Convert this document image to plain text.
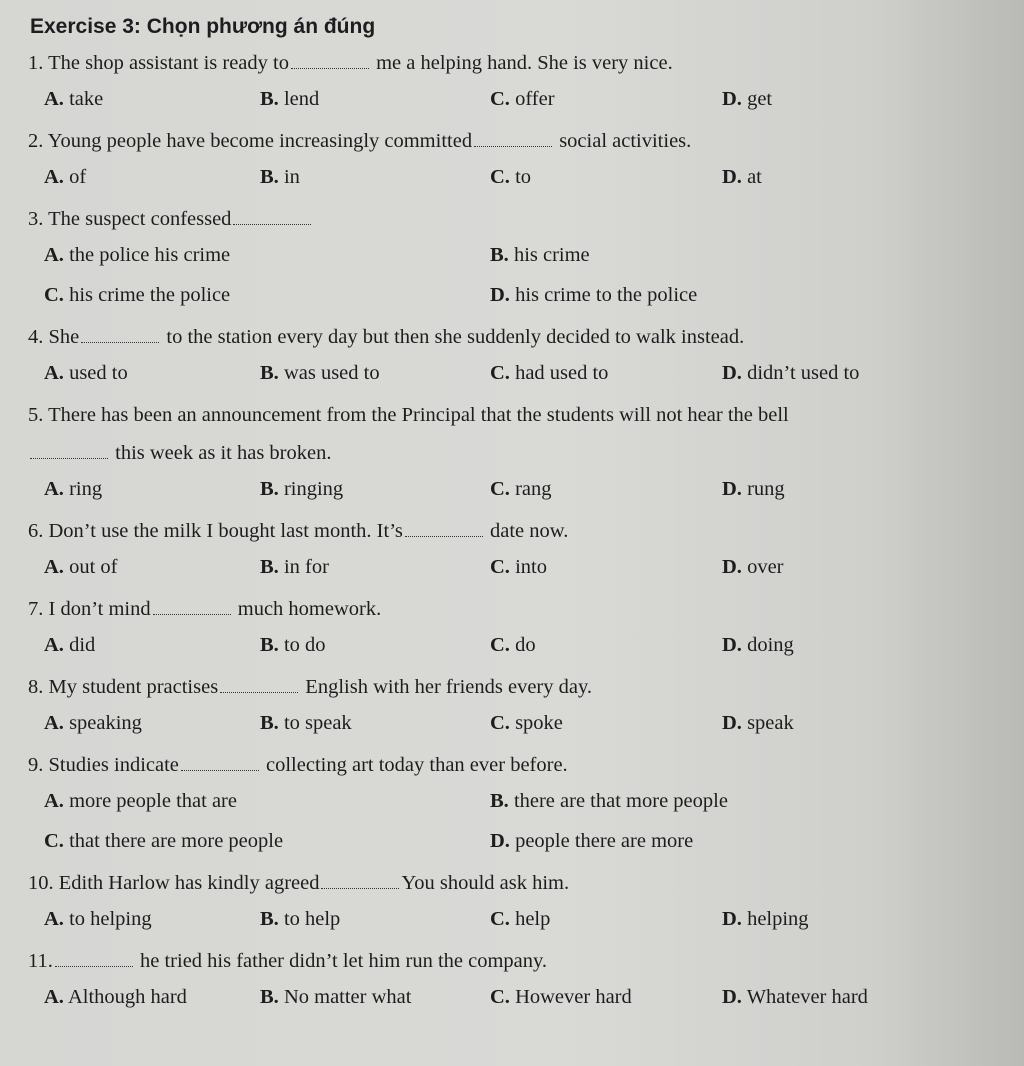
Exercise 3: Chọn phương án đúng
1. The shop assistant is ready to	me a helping hand. She is very nice.
A. take	B. lend	C. offer	D. get
2. Young people have become increasingly committed	social activities.
A. of	B. in	C. to	D. at
3. The suspect confessed
A. the police his crime	B. his crime
C. his crime the police	D. his crime to the police
4. She	to the station every day but then she suddenly decided to walk instead.
A. used to	B. was used to	C. had used to	D. didn’t used to
5. There has been an announcement from the Principal that the students will not hear the bell
this week as it has broken.
A. ring	B. ringing	C. rang	D. rung
6. Don’t use the milk I bought last month. It’s	date now.
A. out of	B. in for	C. into	D. over
7. I don’t mind	much homework.
A. did	B. to do	C. do	D. doing
8. My student practises	English with her friends every day.
A. speaking	B. to speak	C. spoke	D. speak
9. Studies indicate	collecting art today than ever before.
A. more people that are	B. there are that more people
C. that there are more people	D. people there are more
10. Edith Harlow has kindly agreed	You should ask him.
A. to helping	B. to help	C. help	D. helping
11.	he tried his father didn’t let him run the company.
A. Although hard	B. No matter what	C. However hard	D. Whatever hard
